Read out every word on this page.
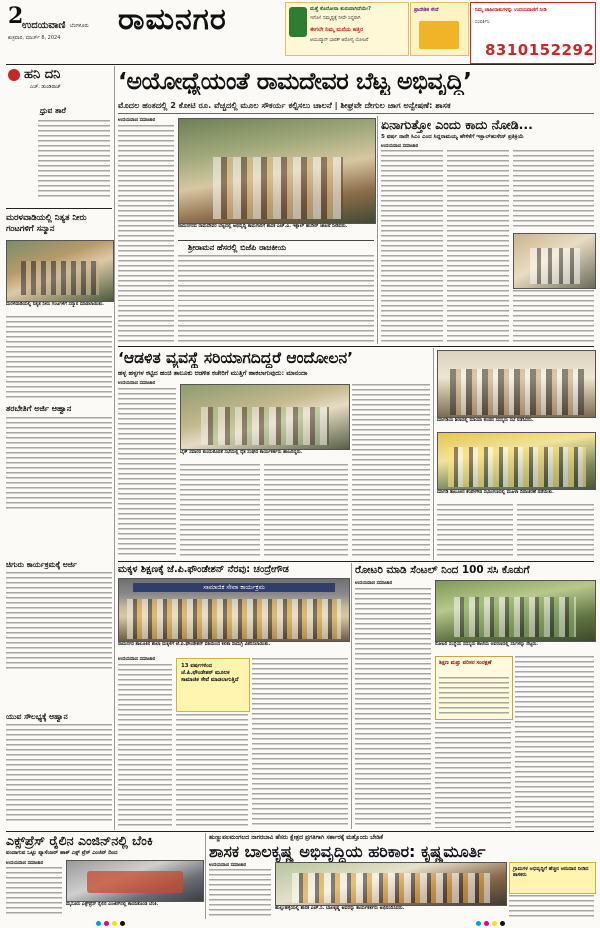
2
ಉದಯವಾಣಿ ಬೆಂಗಳೂರು
ಶುಕ್ರವಾರ, ಮಾರ್ಚ್ 8, 2024
ರಾಮನಗರ	ಮತ್ತೆ ಕೊರೋನಾ ಶುರುವಾಗಿದೆಯೇ?
ಇಗೋ! ನಿಮ್ಮಷ್ಟಕ್ಕೆ ನೀವೇ ಸಿದ್ಧರಾಗಿ
ಈಗಲೇ ನಿಮ್ಮ ಮನೆಯ ಹತ್ತಿರ
ಆಯುಷ್ಮಾನ್ ಭಾರತ್ ಆರೋಗ್ಯ ಯೋಜನೆ
ಪ್ರಾದೇಶಿಕ ಸೇವೆ	ನಿಮ್ಮ ಜಾಹೀರಾತುಗಳನ್ನು ಉದಯವಾಣಿಗೆ ನೀಡಿ
ಸಂಪರ್ಕಿಸಿ
8310152292
ಹನಿ ದನಿ
ಎಚ್. ಡುಂಡಿರಾಜ್
ಧ್ರುವ ತಾರೆ
ಮರಳವಾಡಿಯಲ್ಲಿ ನಿತ್ಯತ ನೀರು ಗಂಟಗಳಿಗೆ ಸನ್ಮಾನ
ಮರಳವಾಡಿಯಲ್ಲಿ ನಿತ್ಯತ ನೀರು ಗಂಟಗಳಿಗೆ ಸನ್ಮಾನ ಮಾಡಲಾಯಿತು.
ತರಬೇತಿಗೆ ಅರ್ಜಿ ಆಹ್ವಾನ
ಚಿಗುರು ಕಾರ್ಯಕ್ರಮಕ್ಕೆ ಅರ್ಜಿ
ಯುವ ಸೌಲಭ್ಯಕ್ಕೆ ಆಹ್ವಾನ
‘ಅಯೋಧ್ಯೆಯಂತೆ ರಾಮದೇವರ ಬೆಟ್ಟ ಅಭಿವೃದ್ಧಿ’
ಮೊದಲ ಹಂತದಲ್ಲಿ 2 ಕೋಟಿ ರೂ. ವೆಚ್ಚದಲ್ಲಿ ಮೂಲ ಸೌಕರ್ಯ ಕಲ್ಪಿಸಲು ಚಾಲನೆ | ಶೀಘ್ರವೇ ದೇಗುಲ ಜಾಗ ಅನ್ವೇಷಣೆ: ಶಾಸಕ
ಉದಯವಾಣಿ ಸಮಾಚಾರ
ರಾಮನಗರದ ರಾಮದೇವರ ಬೆಟ್ಟದಲ್ಲಿ ಅಭಿವೃದ್ಧಿ ಕಾಮಗಾರಿಗೆ ಶಾಸಕ ಎಚ್.ಎ. ಇಕ್ಬಾಲ್ ಹುಸೇನ್ ಚಾಲನೆ ನೀಡಿದರು.
ಶ್ರೀರಾಮನ ಹೆಸರಲ್ಲಿ ಬಿಜೆಪಿ ರಾಜಕೀಯ
ಏನಾಗುತ್ತೋ ಎಂದು ಕಾದು ನೋಡಿ...
5 ವರ್ಷ ನಾನೇ ಸಿಎಂ ಎಂದ ಸಿದ್ದರಾಮಯ್ಯ ಹೇಳಿಕೆಗೆ ಇಕ್ಬಾಲ್‌ಹುಸೇನ್ ಪ್ರತಿಕ್ರಿಯೆ
ಉದಯವಾಣಿ ಸಮಾಚಾರ
‘ಆಡಳಿತ ವ್ಯವಸ್ಥೆ ಸರಿಯಾಗದಿದ್ದರೆ ಆಂದೋಲನ’
ಹಳ್ಳ ಹಳ್ಳಗಳ ಕಟ್ಟಿದ ಹಂಚಿ ತಾಲೂಕು ಆಡಳಿತ ಕಚೇರಿಗೆ ಮುತ್ತಿಗೆ ಹಾಕಲಾಗುವುದು: ಮಾನಂದಾ
ಉದಯವಾಣಿ ಸಮಾಚಾರ
ಬೈಕ್ ಸವಾರರ ಕುಂದುಕೊರತೆ ಸಭೆಯಲ್ಲಿ ರೈತ ಸಂಘದ ಕಾರ್ಯಕರ್ತರು ಹಾಜರಿದ್ದರು.
ಮಾಗಡಿಯ ಶಿರಾದಲ್ಲಿ ಮಾಯಾ ತಂಡದ ಸದಸ್ಯರು ಸಭೆ ನಡೆಸಿದರು.
ಮಾಗಡಿ ತಾಲೂಕಿನ ಕೆಂಪೇಗೌಡ ಸಭಾಂಗಣದಲ್ಲಿ ಮಹಿಳಾ ದಿನಾಚರಣೆ ನಡೆಯಿತು.
ಮಕ್ಕಳ ಶಿಕ್ಷಣಕ್ಕೆ ಜೆ.ಪಿ.ಫೌಂಡೇಶನ್ ನೆರವು: ಚಂದ್ರೇಗೌಡ
ಸಾಮಾಜಿಕ ಸೇವಾ ಕಾರ್ಯಕ್ರಮ
ರಾಮನಗರ ತಾಲೂಕಿನ ಶಾಲಾ ಮಕ್ಕಳಿಗೆ ಜೆ.ಪಿ.ಫೌಂಡೇಶನ್ ವತಿಯಿಂದ ಕಲಿಕಾ ಸಾಮಗ್ರಿ ವಿತರಿಸಲಾಯಿತು.
ಉದಯವಾಣಿ ಸಮಾಚಾರ
13 ವರ್ಷಗಳಿಂದ ಜೆ.ಪಿ.ಫೌಂಡೇಶನ್ ಮೂಲಕ ಸಾಮಾಜಿಕ ಸೇವೆ ಮಾಡಲಾಗುತ್ತಿದೆ
ರೋಟರಿ ಮಾಡಿ ಸೆಂಟಲ್‌ ನಿಂದ 100 ಸಸಿ ಕೊಡುಗೆ
ಉದಯವಾಣಿ ಸಮಾಚಾರ
ರೋಟರಿ ಸಂಸ್ಥೆಯ ಸದಸ್ಯರು ಶಾಲೆಯ ಆವರಣದಲ್ಲಿ ಸಸಿಗಳನ್ನು ನೆಟ್ಟರು.
ಶಿಕ್ಷಣ ಮತ್ತು ಪರಿಸರ ಸಂರಕ್ಷಣೆ
ಎಕ್ಸ್‌ಪ್ರೆಸ್ ರೈಲಿನ ಎಂಜಿನ್‌ನಲ್ಲಿ ಬೆಂಕಿ
ವಂದಾಗುವ ಒಟ್ಟು ಪ್ಯಾಸೆಂಜರ್ ಹಾಕ್ ಎಕ್ಸ್ ಪ್ರೆಸ್ ಎಂಜಿನ್ ದಿಂದ
ಉದಯವಾಣಿ ಸಮಾಚಾರ
ಮೈಸೂರು ಎಕ್ಸ್‌ಪ್ರೆಸ್ ರೈಲಿನ ಎಂಜಿನ್‌ನಲ್ಲಿ ಕಾಣಿಸಿಕೊಂಡ ಬೆಂಕಿ.
ಹುಣ್ಣುಪಲಮಂಗಲದ ನಾಗರಬಾವಿ ಹೆಸರು ಕ್ಷೇತ್ರದ ಪ್ರಗತಿಗಾಗಿ ಸರ್ಕಾರಕ್ಕೆ ಮತ್ತೊಂದು ಬೇಡಿಕೆ
ಶಾಸಕ ಬಾಲಕೃಷ್ಣ ಅಭಿವೃದ್ಧಿಯ ಹರಿಕಾರ: ಕೃಷ್ಣಮೂರ್ತಿ
ಉದಯವಾಣಿ ಸಮಾಚಾರ
ಹುಲ್ಲುಹಳ್ಳಿಯಲ್ಲಿ ಶಾಸಕ ಎಚ್.ಸಿ. ಬಾಲಕೃಷ್ಣ ಅವರನ್ನು ಕಾರ್ಯಕರ್ತರು ಅಭಿನಂದಿಸಿದರು.
ಗ್ರಾಮಗಳ ಅಭಿವೃದ್ಧಿಗೆ ಹೆಚ್ಚಿನ ಅನುದಾನ ನೀಡಿದ ಶಾಸಕರು
